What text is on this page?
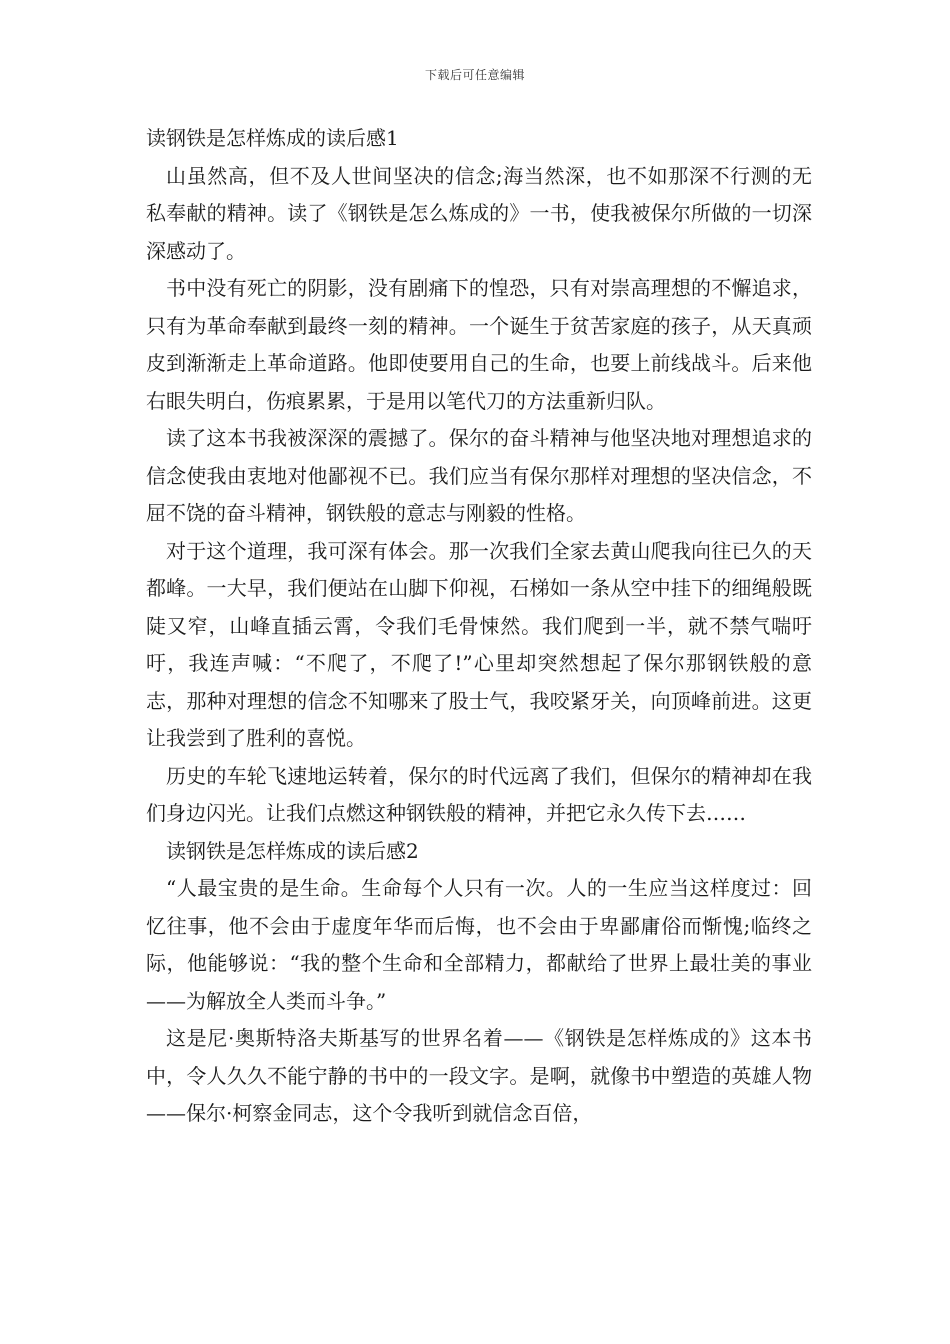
下载后可任意编辑

读钢铁是怎样炼成的读后感1

山虽然高，但不及人世间坚决的信念;海当然深，也不如那深不行测的无私奉献的精神。读了《钢铁是怎么炼成的》一书，使我被保尔所做的一切深深感动了。

书中没有死亡的阴影，没有剧痛下的惶恐，只有对崇高理想的不懈追求，只有为革命奉献到最终一刻的精神。一个诞生于贫苦家庭的孩子，从天真顽皮到渐渐走上革命道路。他即使要用自己的生命，也要上前线战斗。后来他右眼失明白，伤痕累累，于是用以笔代刀的方法重新归队。

读了这本书我被深深的震撼了。保尔的奋斗精神与他坚决地对理想追求的信念使我由衷地对他鄙视不已。我们应当有保尔那样对理想的坚决信念，不屈不饶的奋斗精神，钢铁般的意志与刚毅的性格。

对于这个道理，我可深有体会。那一次我们全家去黄山爬我向往已久的天都峰。一大早，我们便站在山脚下仰视，石梯如一条从空中挂下的细绳般既陡又窄，山峰直插云霄，令我们毛骨悚然。我们爬到一半，就不禁气喘吁吁，我连声喊：“不爬了，不爬了!”心里却突然想起了保尔那钢铁般的意志，那种对理想的信念不知哪来了股士气，我咬紧牙关，向顶峰前进。这更让我尝到了胜利的喜悦。

历史的车轮飞速地运转着，保尔的时代远离了我们，但保尔的精神却在我们身边闪光。让我们点燃这种钢铁般的精神，并把它永久传下去……

读钢铁是怎样炼成的读后感2

“人最宝贵的是生命。生命每个人只有一次。人的一生应当这样度过：回忆往事，他不会由于虚度年华而后悔，也不会由于卑鄙庸俗而惭愧;临终之际，他能够说：“我的整个生命和全部精力，都献给了世界上最壮美的事业——为解放全人类而斗争。”

这是尼·奥斯特洛夫斯基写的世界名着——《钢铁是怎样炼成的》这本书中，令人久久不能宁静的书中的一段文字。是啊，就像书中塑造的英雄人物——保尔·柯察金同志，这个令我听到就信念百倍，
